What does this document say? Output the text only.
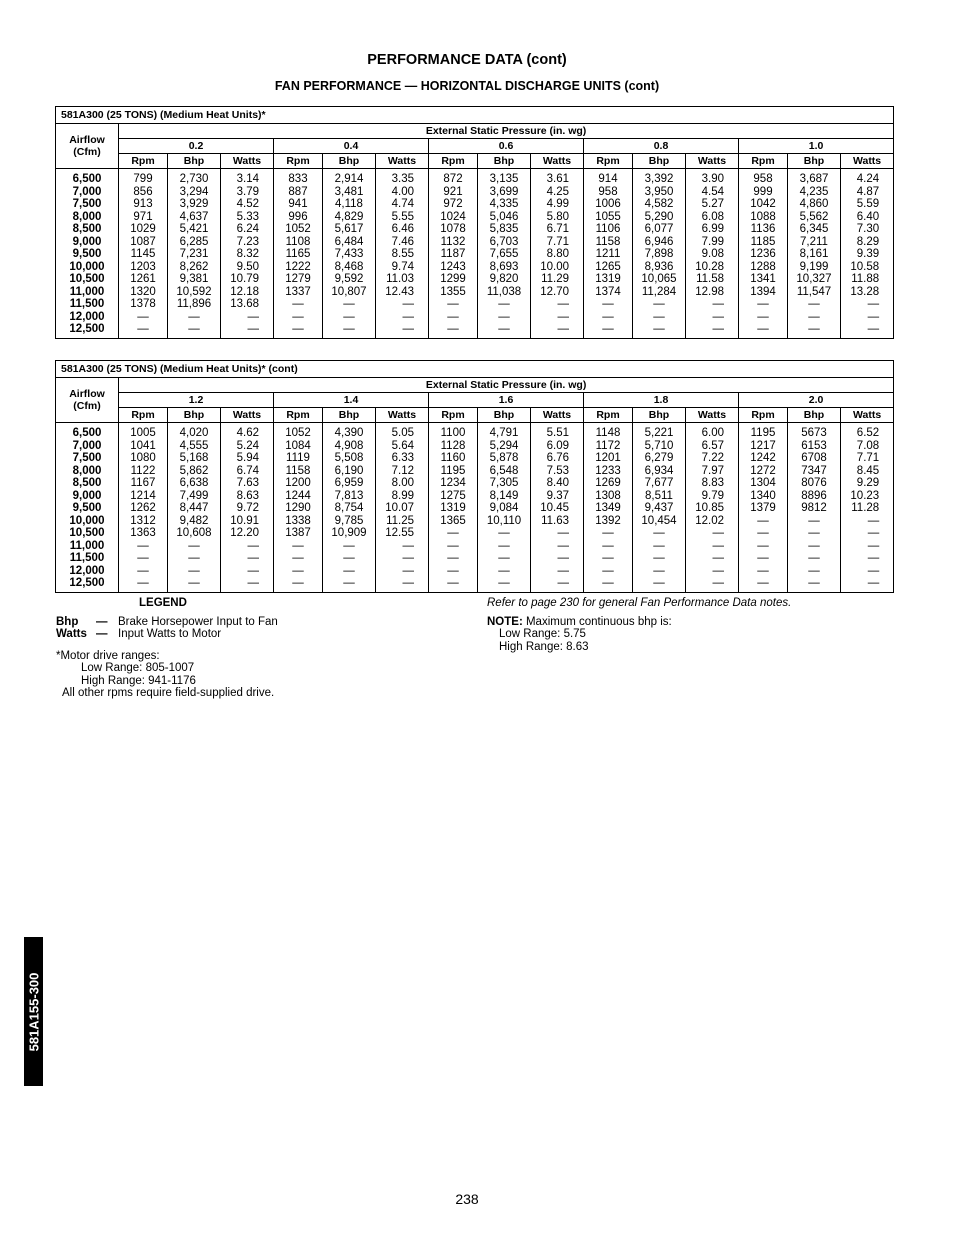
PERFORMANCE DATA (cont)
FAN PERFORMANCE — HORIZONTAL DISCHARGE UNITS (cont)
581A300 (25 TONS) (Medium Heat Units)*															
Airflow (Cfm)	External Static Pressure (in. wg)														
	0.2			0.4			0.6			0.8			1.0		
	Rpm	Bhp	Watts	Rpm	Bhp	Watts	Rpm	Bhp	Watts	Rpm	Bhp	Watts	Rpm	Bhp	Watts
6,500	799	2,730	3.14	833	2,914	3.35	872	3,135	3.61	914	3,392	3.90	958	3,687	4.24
7,000	856	3,294	3.79	887	3,481	4.00	921	3,699	4.25	958	3,950	4.54	999	4,235	4.87
7,500	913	3,929	4.52	941	4,118	4.74	972	4,335	4.99	1006	4,582	5.27	1042	4,860	5.59
8,000	971	4,637	5.33	996	4,829	5.55	1024	5,046	5.80	1055	5,290	6.08	1088	5,562	6.40
8,500	1029	5,421	6.24	1052	5,617	6.46	1078	5,835	6.71	1106	6,077	6.99	1136	6,345	7.30
9,000	1087	6,285	7.23	1108	6,484	7.46	1132	6,703	7.71	1158	6,946	7.99	1185	7,211	8.29
9,500	1145	7,231	8.32	1165	7,433	8.55	1187	7,655	8.80	1211	7,898	9.08	1236	8,161	9.39
10,000	1203	8,262	9.50	1222	8,468	9.74	1243	8,693	10.00	1265	8,936	10.28	1288	9,199	10.58
10,500	1261	9,381	10.79	1279	9,592	11.03	1299	9,820	11.29	1319	10,065	11.58	1341	10,327	11.88
11,000	1320	10,592	12.18	1337	10,807	12.43	1355	11,038	12.70	1374	11,284	12.98	1394	11,547	13.28
11,500	1378	11,896	13.68	—	—	—	—	—	—	—	—	—	—	—	—
12,000	—	—	—	—	—	—	—	—	—	—	—	—	—	—	—
12,500	—	—	—	—	—	—	—	—	—	—	—	—	—	—	—
581A300 (25 TONS) (Medium Heat Units)* (cont)															
Airflow (Cfm)	External Static Pressure (in. wg)														
	1.2			1.4			1.6			1.8			2.0		
	Rpm	Bhp	Watts	Rpm	Bhp	Watts	Rpm	Bhp	Watts	Rpm	Bhp	Watts	Rpm	Bhp	Watts
6,500	1005	4,020	4.62	1052	4,390	5.05	1100	4,791	5.51	1148	5,221	6.00	1195	5673	6.52
7,000	1041	4,555	5.24	1084	4,908	5.64	1128	5,294	6.09	1172	5,710	6.57	1217	6153	7.08
7,500	1080	5,168	5.94	1119	5,508	6.33	1160	5,878	6.76	1201	6,279	7.22	1242	6708	7.71
8,000	1122	5,862	6.74	1158	6,190	7.12	1195	6,548	7.53	1233	6,934	7.97	1272	7347	8.45
8,500	1167	6,638	7.63	1200	6,959	8.00	1234	7,305	8.40	1269	7,677	8.83	1304	8076	9.29
9,000	1214	7,499	8.63	1244	7,813	8.99	1275	8,149	9.37	1308	8,511	9.79	1340	8896	10.23
9,500	1262	8,447	9.72	1290	8,754	10.07	1319	9,084	10.45	1349	9,437	10.85	1379	9812	11.28
10,000	1312	9,482	10.91	1338	9,785	11.25	1365	10,110	11.63	1392	10,454	12.02	—	—	—
10,500	1363	10,608	12.20	1387	10,909	12.55	—	—	—	—	—	—	—	—	—
11,000	—	—	—	—	—	—	—	—	—	—	—	—	—	—	—
11,500	—	—	—	—	—	—	—	—	—	—	—	—	—	—	—
12,000	—	—	—	—	—	—	—	—	—	—	—	—	—	—	—
12,500	—	—	—	—	—	—	—	—	—	—	—	—	—	—	—
LEGEND
Bhp — Brake Horsepower Input to Fan
Watts — Input Watts to Motor
Refer to page 230 for general Fan Performance Data notes.
NOTE: Maximum continuous bhp is:
Low Range: 5.75
High Range: 8.63
*Motor drive ranges:
Low Range: 805-1007
High Range: 941-1176
All other rpms require field-supplied drive.
581A155-300
238
